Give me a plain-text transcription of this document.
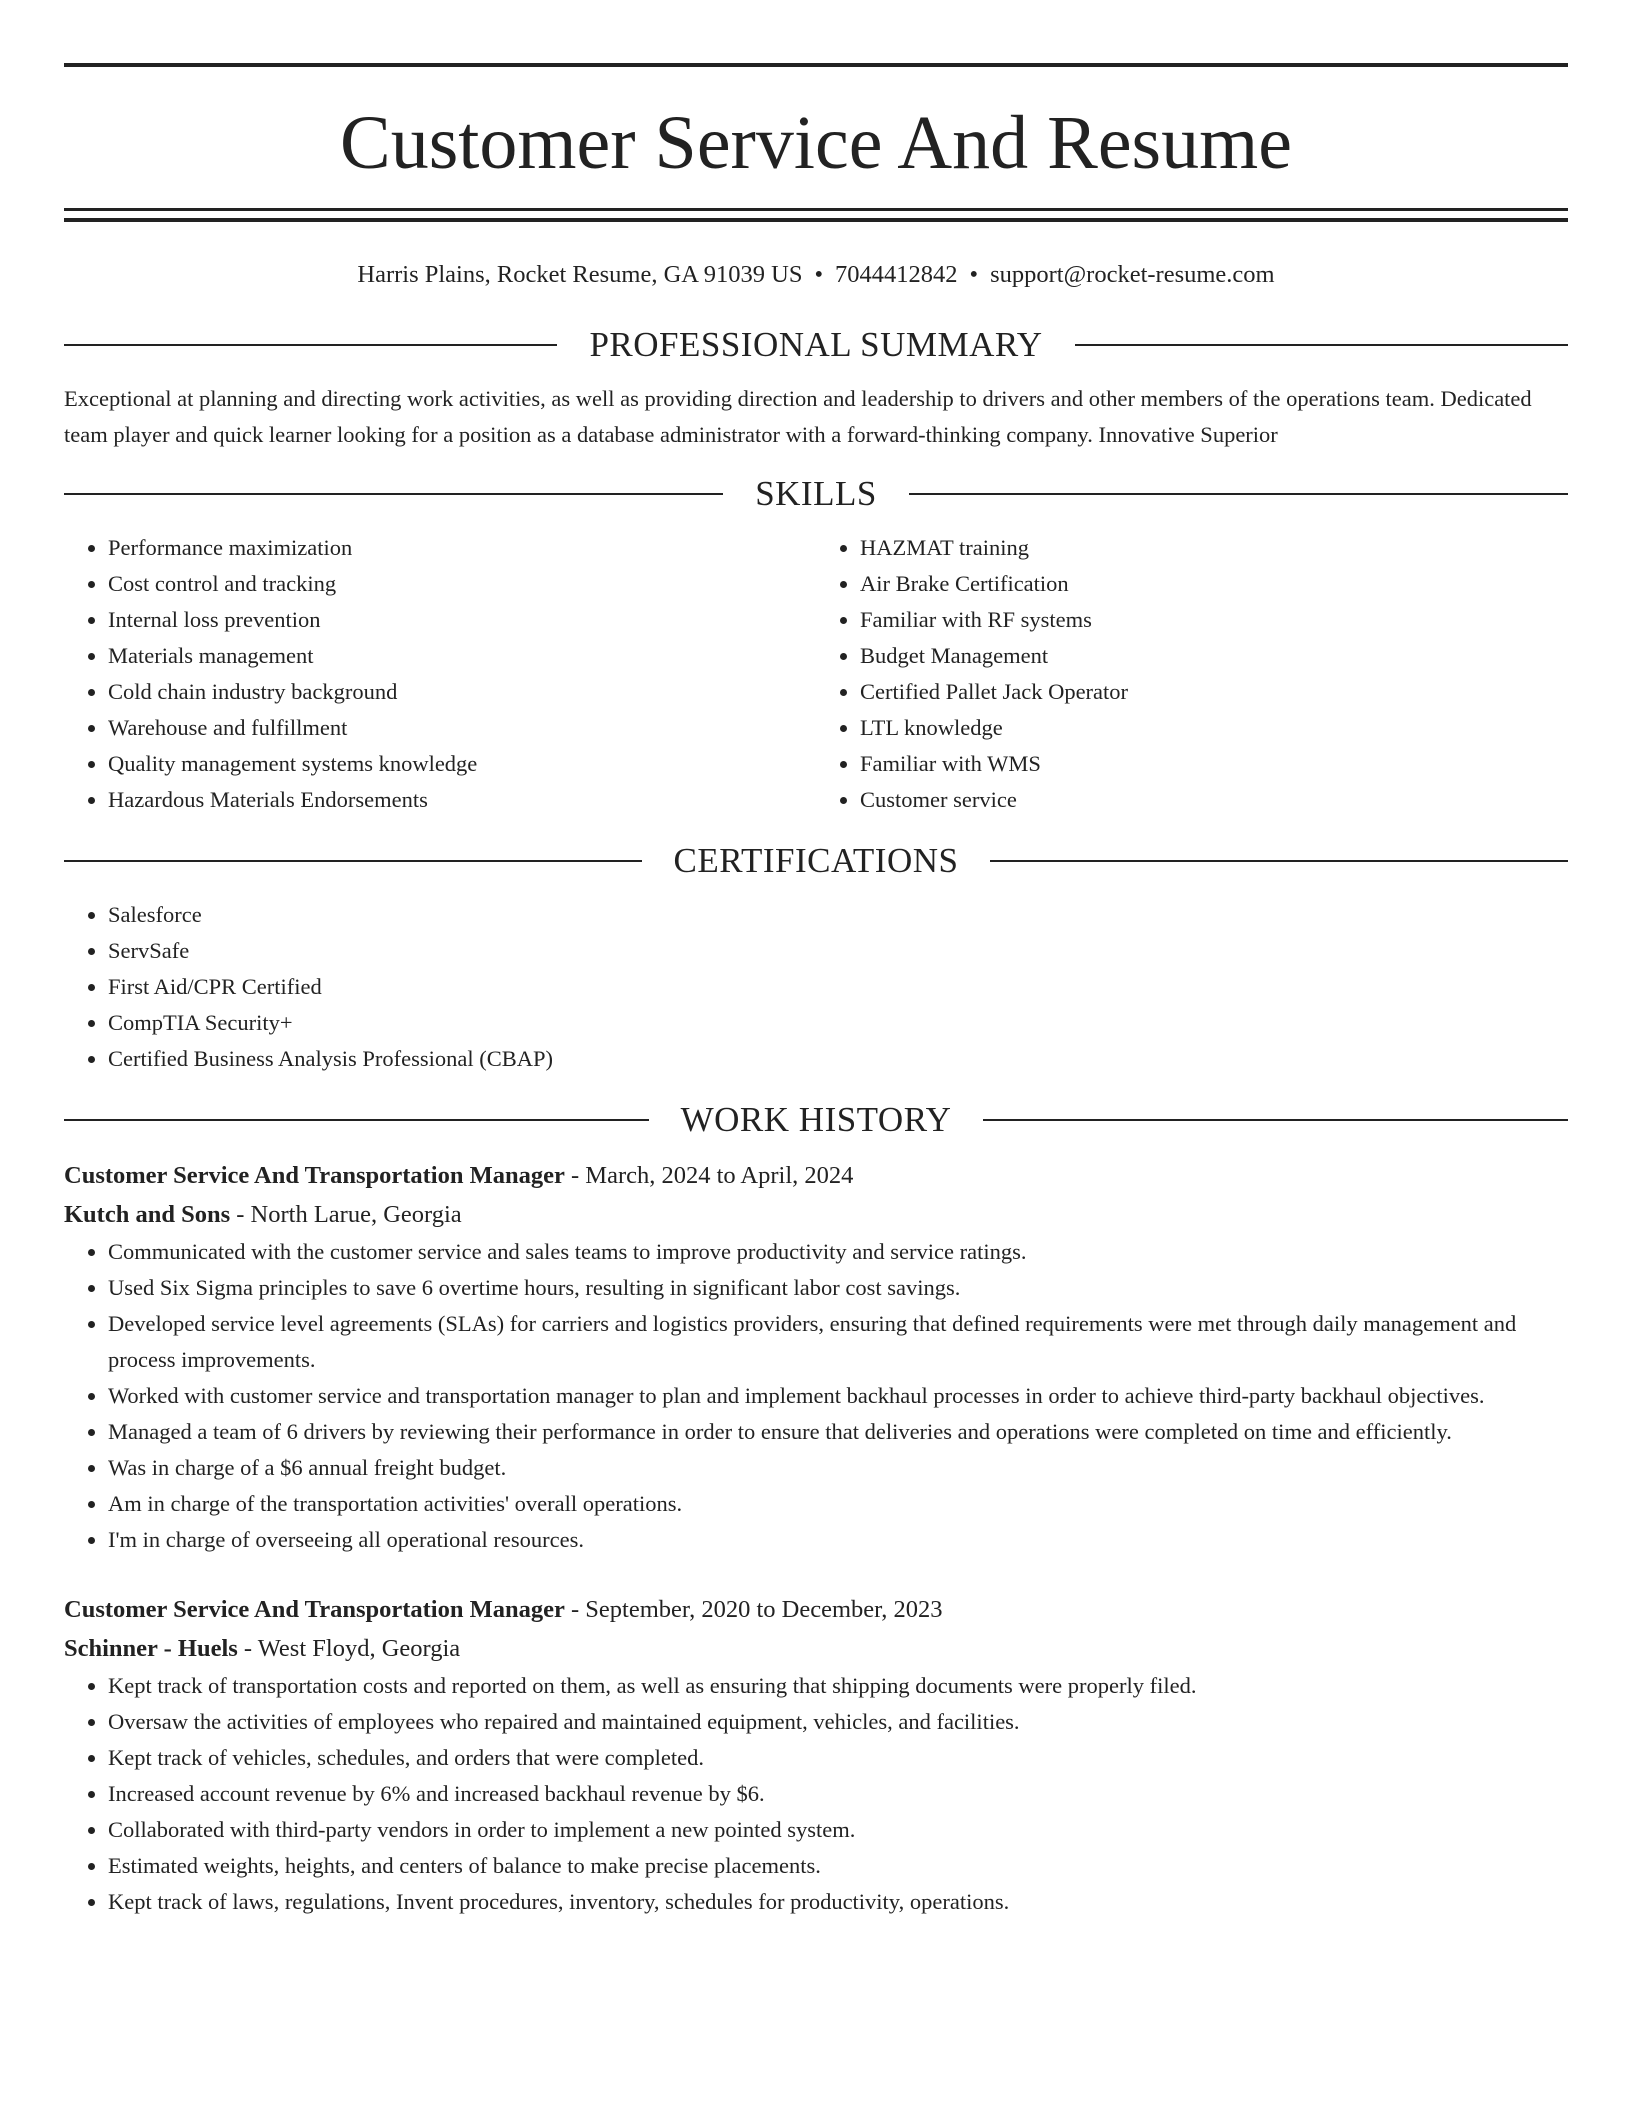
Customer Service And Resume
Harris Plains, Rocket Resume, GA 91039 US • 7044412842 • support@rocket-resume.com
PROFESSIONAL SUMMARY
Exceptional at planning and directing work activities, as well as providing direction and leadership to drivers and other members of the operations team. Dedicated team player and quick learner looking for a position as a database administrator with a forward-thinking company. Innovative Superior
SKILLS
• Performance maximization
• Cost control and tracking
• Internal loss prevention
• Materials management
• Cold chain industry background
• Warehouse and fulfillment
• Quality management systems knowledge
• Hazardous Materials Endorsements
• HAZMAT training
• Air Brake Certification
• Familiar with RF systems
• Budget Management
• Certified Pallet Jack Operator
• LTL knowledge
• Familiar with WMS
• Customer service
CERTIFICATIONS
• Salesforce
• ServSafe
• First Aid/CPR Certified
• CompTIA Security+
• Certified Business Analysis Professional (CBAP)
WORK HISTORY
Customer Service And Transportation Manager - March, 2024 to April, 2024
Kutch and Sons - North Larue, Georgia
• Communicated with the customer service and sales teams to improve productivity and service ratings.
• Used Six Sigma principles to save 6 overtime hours, resulting in significant labor cost savings.
• Developed service level agreements (SLAs) for carriers and logistics providers, ensuring that defined requirements were met through daily management and process improvements.
• Worked with customer service and transportation manager to plan and implement backhaul processes in order to achieve third-party backhaul objectives.
• Managed a team of 6 drivers by reviewing their performance in order to ensure that deliveries and operations were completed on time and efficiently.
• Was in charge of a $6 annual freight budget.
• Am in charge of the transportation activities' overall operations.
• I'm in charge of overseeing all operational resources.
Customer Service And Transportation Manager - September, 2020 to December, 2023
Schinner - Huels - West Floyd, Georgia
• Kept track of transportation costs and reported on them, as well as ensuring that shipping documents were properly filed.
• Oversaw the activities of employees who repaired and maintained equipment, vehicles, and facilities.
• Kept track of vehicles, schedules, and orders that were completed.
• Increased account revenue by 6% and increased backhaul revenue by $6.
• Collaborated with third-party vendors in order to implement a new pointed system.
• Estimated weights, heights, and centers of balance to make precise placements.
• Kept track of laws, regulations, Invent procedures, inventory, schedules for productivity, operations.
